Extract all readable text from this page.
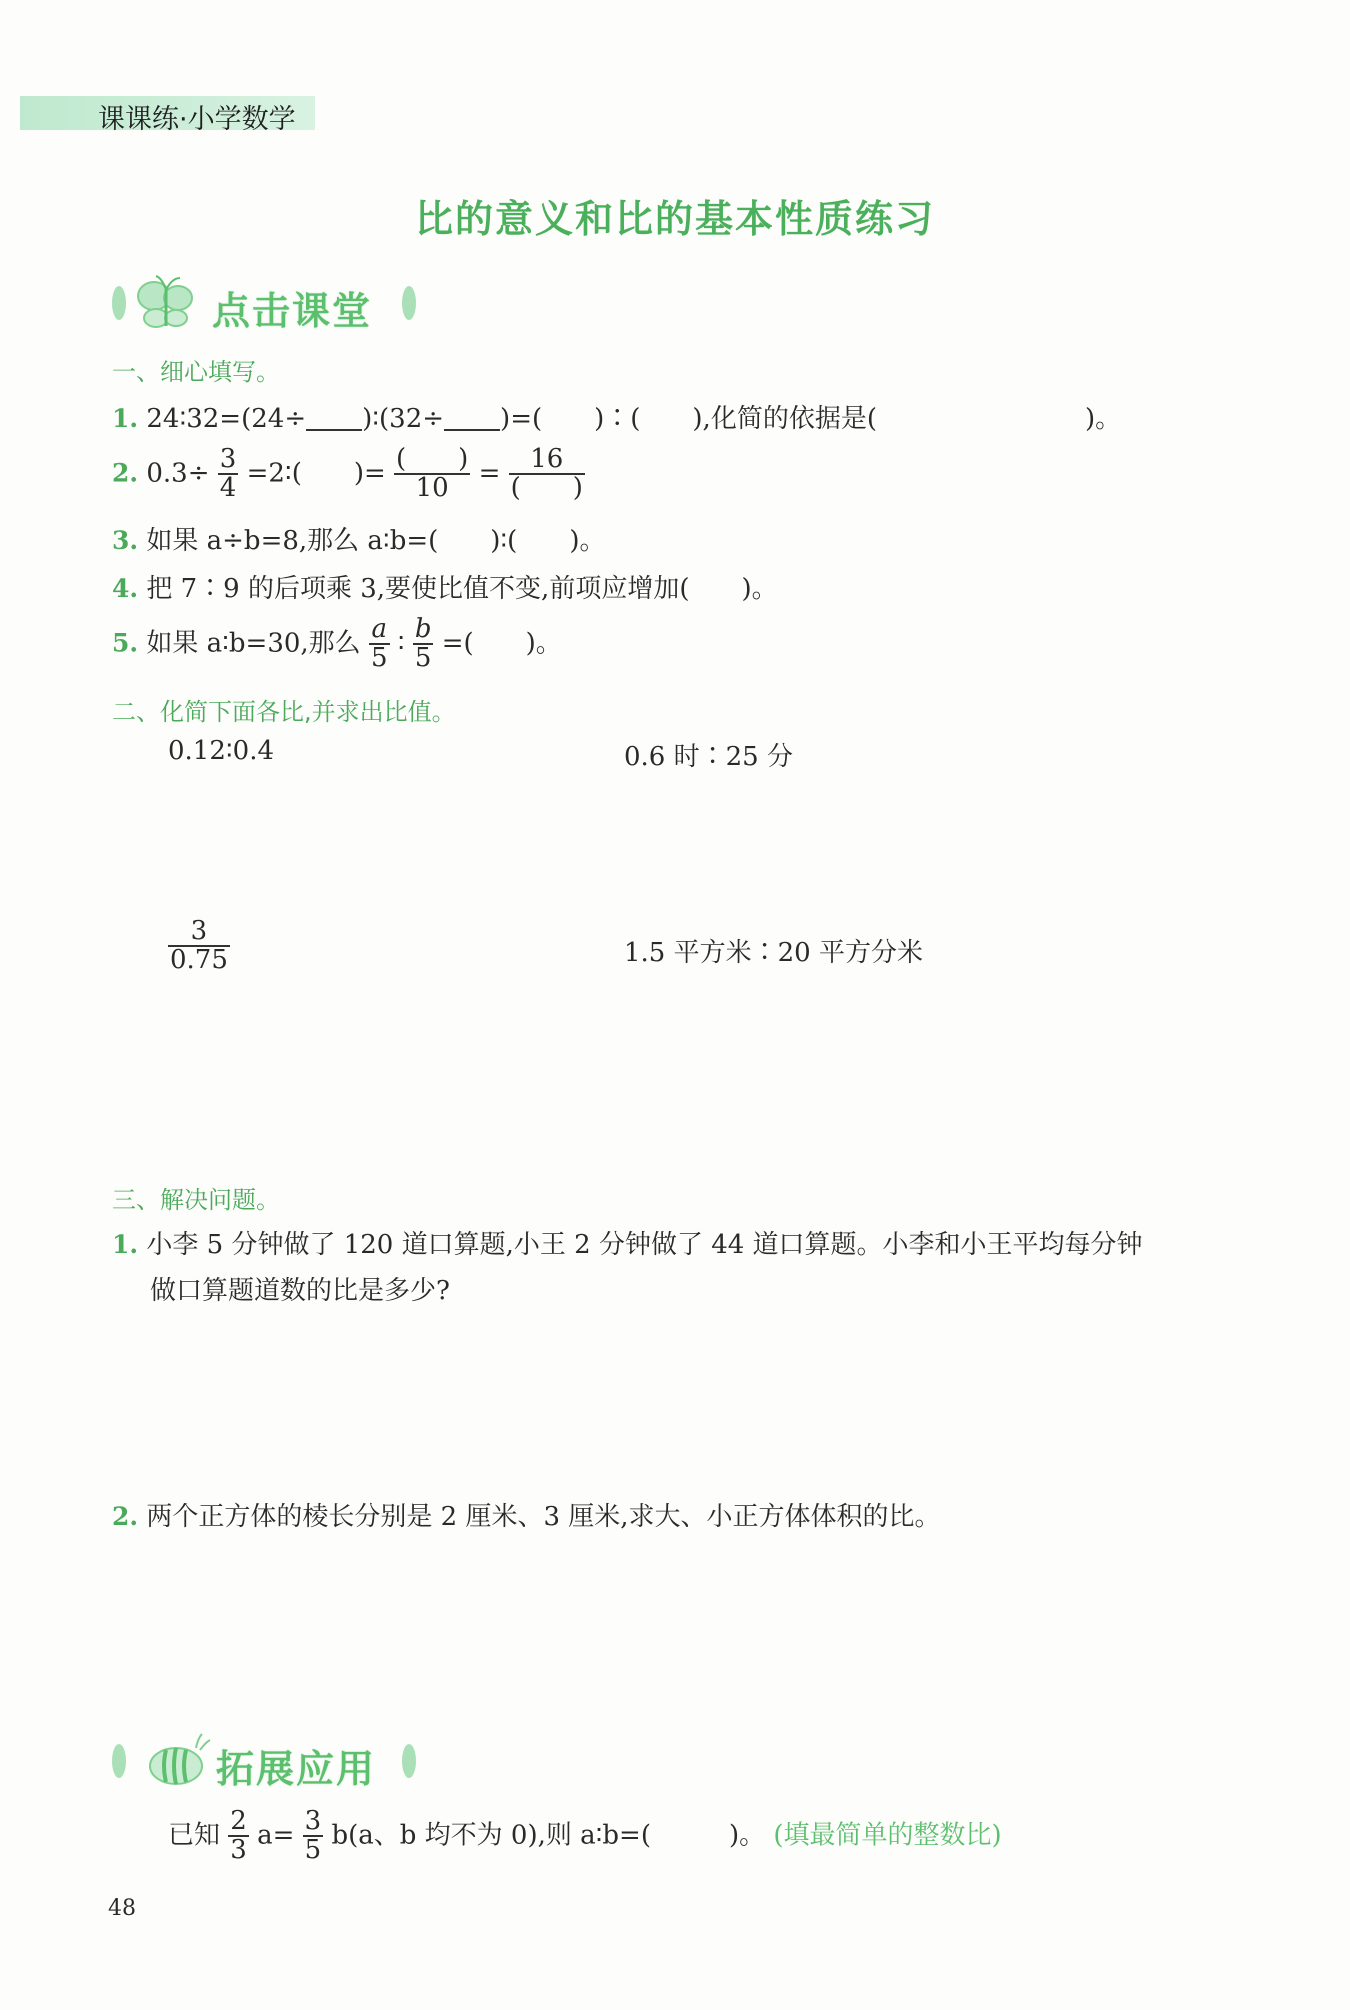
课课练·小学数学
比的意义和比的基本性质练习
点击课堂
一、细心填写。
1. 24∶32=(24÷ )∶(32÷ )=(　　)∶(　　),化简的依据是(　　　　　　　　)。
2. $0.3\div \frac{3}{4}$ =2∶(　　)= $\frac{( )}{10} = \frac{16}{( )}$
3. 如果 a÷b=8,那么 a∶b=(　　)∶(　　)。
4. 把 7∶9 的后项乘 3,要使比值不变,前项应增加(　　)。
5. 如果 a∶b=30,那么 $\frac{a}{5}$ ∶ $\frac{b}{5}$ =(　　)。
二、化简下面各比,并求出比值。
0.12∶0.4	0.6 时∶25 分
$\frac{3}{0.75}$	1.5 平方米∶20 平方分米
三、解决问题。
1. 小李 5 分钟做了 120 道口算题,小王 2 分钟做了 44 道口算题。小李和小王平均每分钟
做口算题道数的比是多少?
2. 两个正方体的棱长分别是 2 厘米、3 厘米,求大、小正方体体积的比。
拓展应用
已知 $\frac{2}{3} a= \frac{3}{5} b(a$、b 均不为 0),则 a∶b=(　　　)。 (填最简单的整数比)
48
